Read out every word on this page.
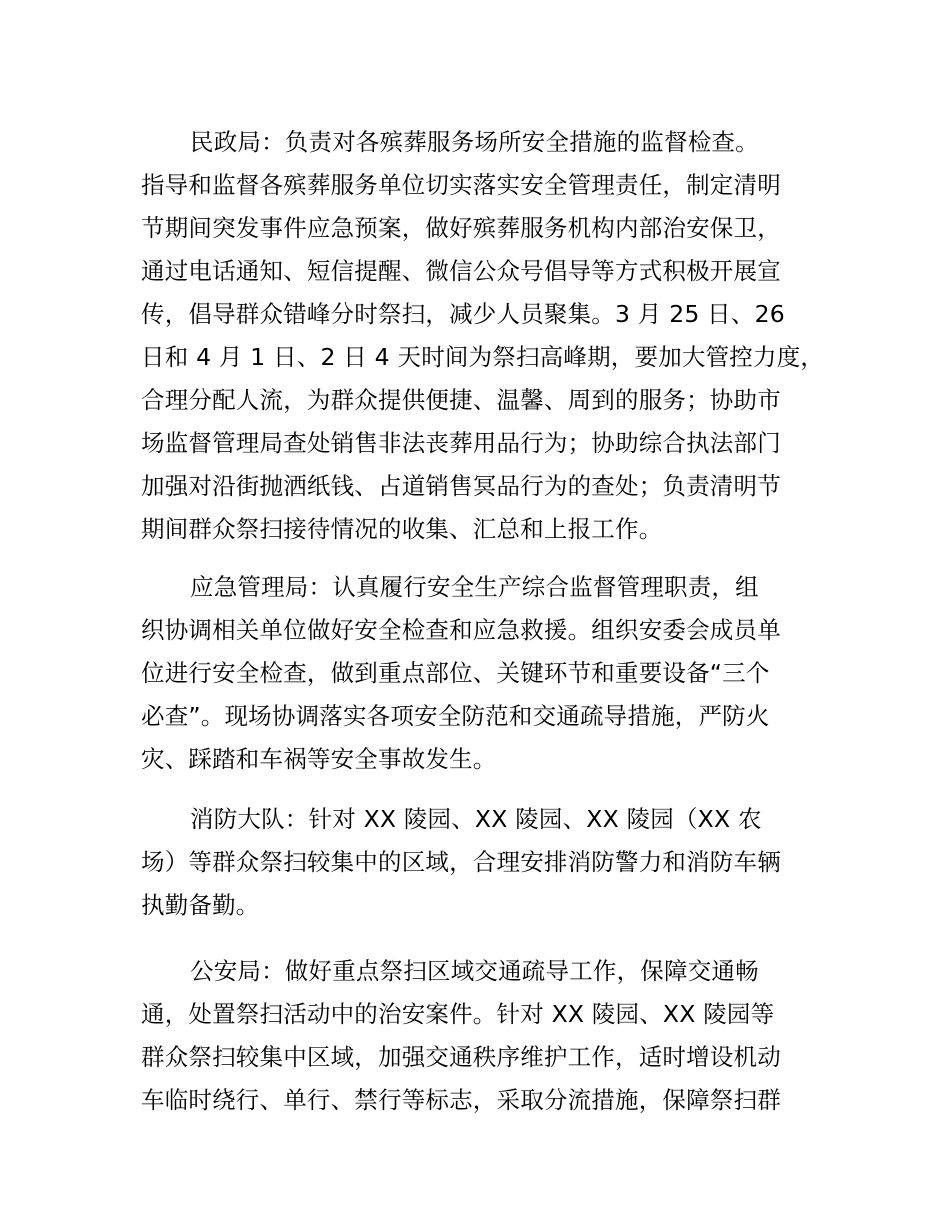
民政局：负责对各殡葬服务场所安全措施的监督检查。
指导和监督各殡葬服务单位切实落实安全管理责任，制定清明
节期间突发事件应急预案，做好殡葬服务机构内部治安保卫，
通过电话通知、短信提醒、微信公众号倡导等方式积极开展宣
传，倡导群众错峰分时祭扫，减少人员聚集。3 月 25 日、26
日和 4 月 1 日、2 日 4 天时间为祭扫高峰期，要加大管控力度，
合理分配人流，为群众提供便捷、温馨、周到的服务；协助市
场监督管理局查处销售非法丧葬用品行为；协助综合执法部门
加强对沿街抛洒纸钱、占道销售冥品行为的查处；负责清明节
期间群众祭扫接待情况的收集、汇总和上报工作。
应急管理局：认真履行安全生产综合监督管理职责，组
织协调相关单位做好安全检查和应急救援。组织安委会成员单
位进行安全检查，做到重点部位、关键环节和重要设备“三个
必查”。现场协调落实各项安全防范和交通疏导措施，严防火
灾、踩踏和车祸等安全事故发生。
消防大队：针对 XX 陵园、XX 陵园、XX 陵园（XX 农
场）等群众祭扫较集中的区域，合理安排消防警力和消防车辆
执勤备勤。
公安局：做好重点祭扫区域交通疏导工作，保障交通畅
通，处置祭扫活动中的治安案件。针对 XX 陵园、XX 陵园等
群众祭扫较集中区域，加强交通秩序维护工作，适时增设机动
车临时绕行、单行、禁行等标志，采取分流措施，保障祭扫群
